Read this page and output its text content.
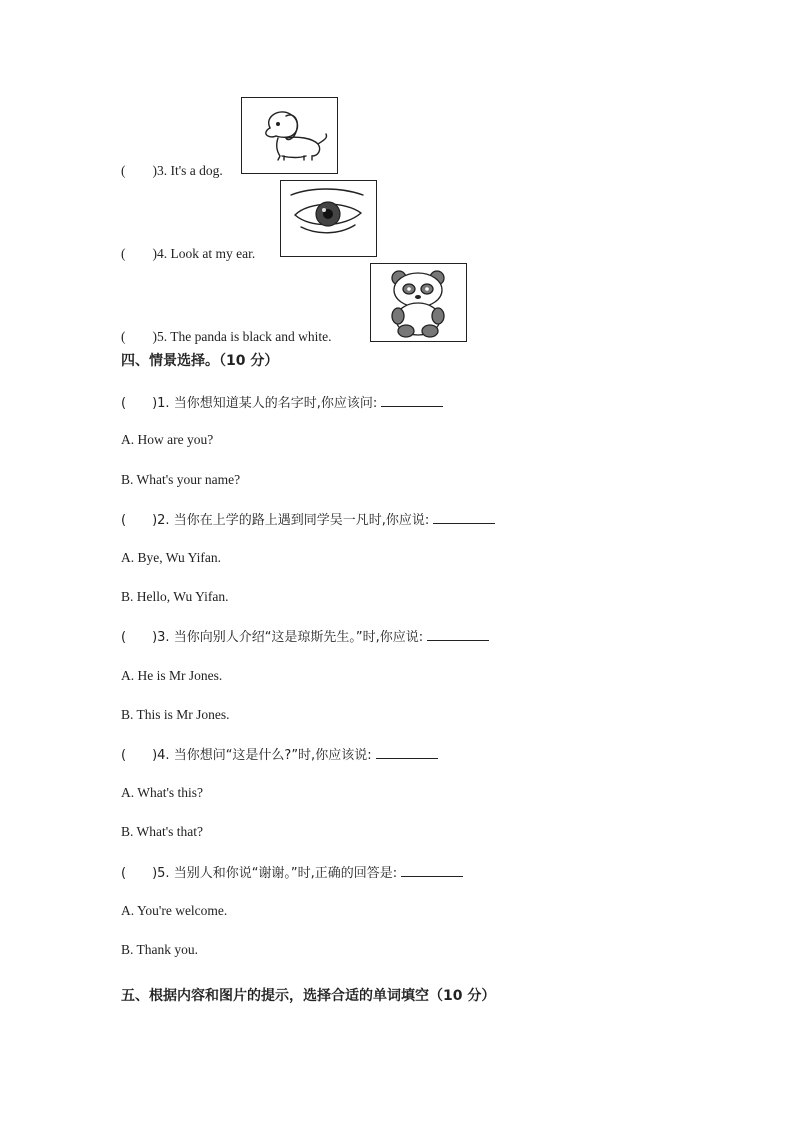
(  )3. It's a dog.
(  )4. Look at my ear.
(  )5. The panda is black and white.
四、情景选择。（10 分）
(  )1. 当你想知道某人的名字时,你应该问:
A. How are you?
B. What's your name?
(  )2. 当你在上学的路上遇到同学吴一凡时,你应说:
A. Bye, Wu Yifan.
B. Hello, Wu Yifan.
(  )3. 当你向别人介绍“这是琼斯先生。”时,你应说:
A. He is Mr Jones.
B. This is Mr Jones.
(  )4. 当你想问“这是什么?”时,你应该说:
A. What's this?
B. What's that?
(  )5. 当别人和你说“谢谢。”时,正确的回答是:
A. You're welcome.
B. Thank you.
五、根据内容和图片的提示，选择合适的单词填空（10 分）
